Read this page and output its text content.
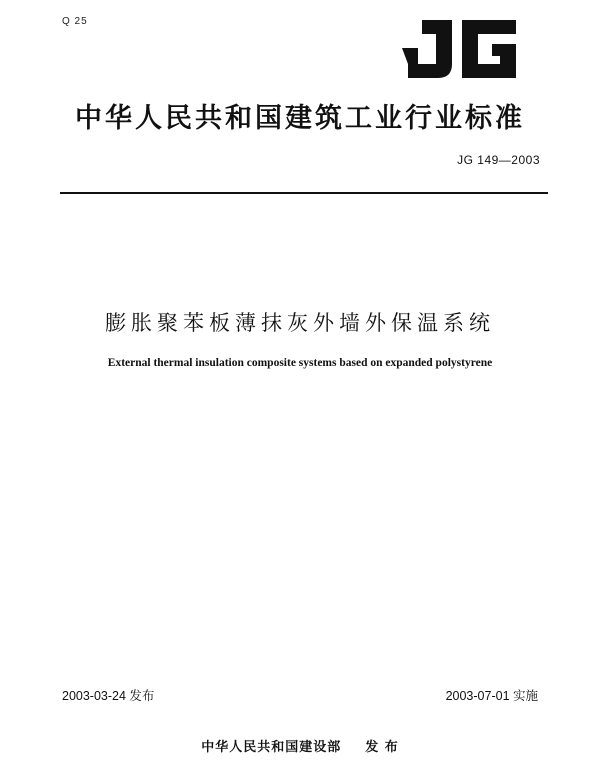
Q 25
中华人民共和国建筑工业行业标准
JG 149—2003
膨胀聚苯板薄抹灰外墙外保温系统
External thermal insulation composite systems based on expanded polystyrene
2003-03-24 发布	2003-07-01 实施
中华人民共和国建设部 发 布
